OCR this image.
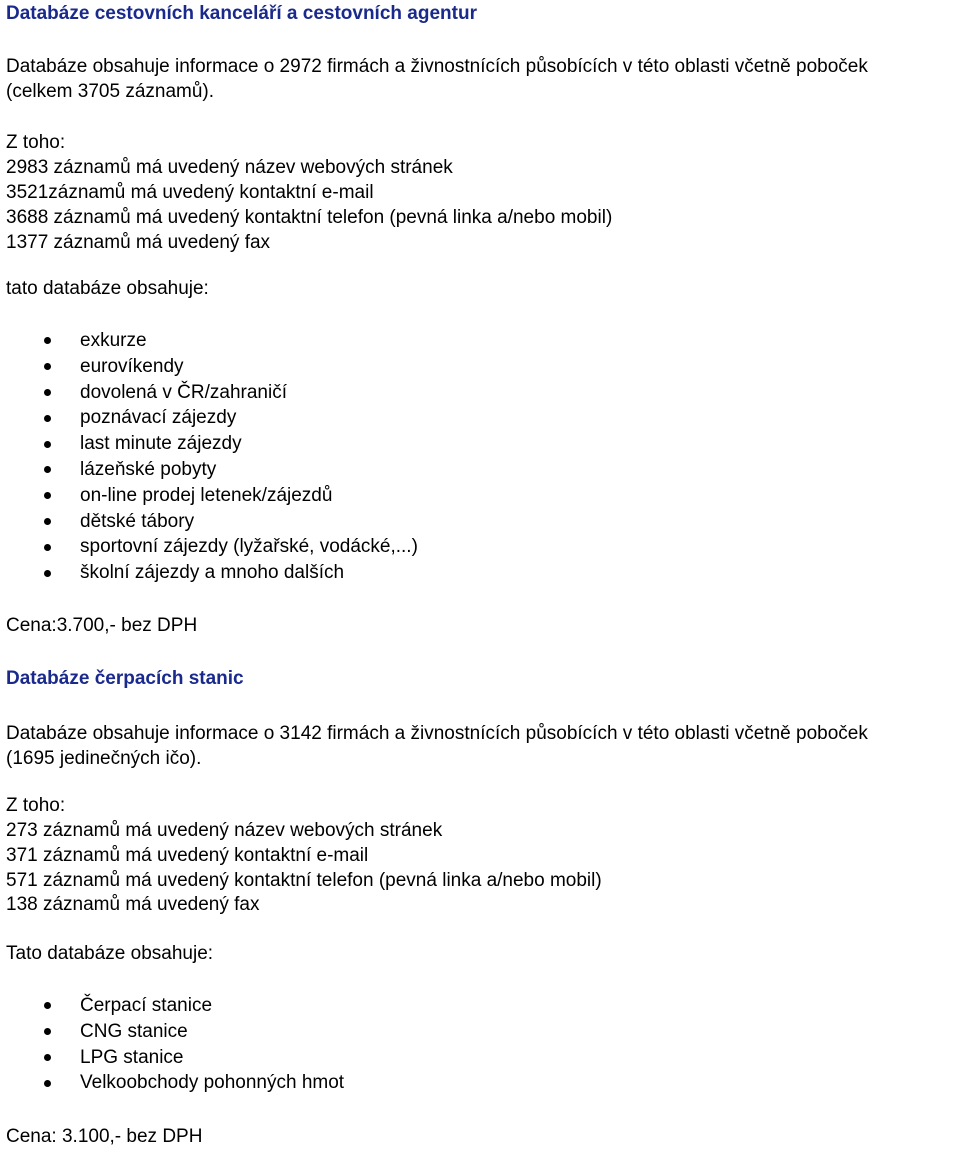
Databáze cestovních kanceláří a cestovních agentur

Databáze obsahuje informace o 2972 firmách a živnostnících působících v této oblasti včetně poboček

(celkem 3705 záznamů).

Z toho:

2983 záznamů má uvedený název webových stránek

3521záznamů má uvedený kontaktní e-mail

3688 záznamů má uvedený kontaktní telefon (pevná linka a/nebo mobil)

1377 záznamů má uvedený fax

tato databáze obsahuje:

exkurze
eurovíkendy
dovolená v ČR/zahraničí
poznávací zájezdy
last minute zájezdy
lázeňské pobyty
on-line prodej letenek/zájezdů
dětské tábory
sportovní zájezdy (lyžařské, vodácké,...)
školní zájezdy a mnoho dalších

Cena:3.700,- bez DPH

Databáze čerpacích stanic

Databáze obsahuje informace o 3142 firmách a živnostnících působících v této oblasti včetně poboček

(1695 jedinečných ičo).

Z toho:

273 záznamů má uvedený název webových stránek

371 záznamů má uvedený kontaktní e-mail

571 záznamů má uvedený kontaktní telefon (pevná linka a/nebo mobil)

138 záznamů má uvedený fax

Tato databáze obsahuje:

Čerpací stanice
CNG stanice
LPG stanice
Velkoobchody pohonných hmot

Cena: 3.100,- bez DPH
